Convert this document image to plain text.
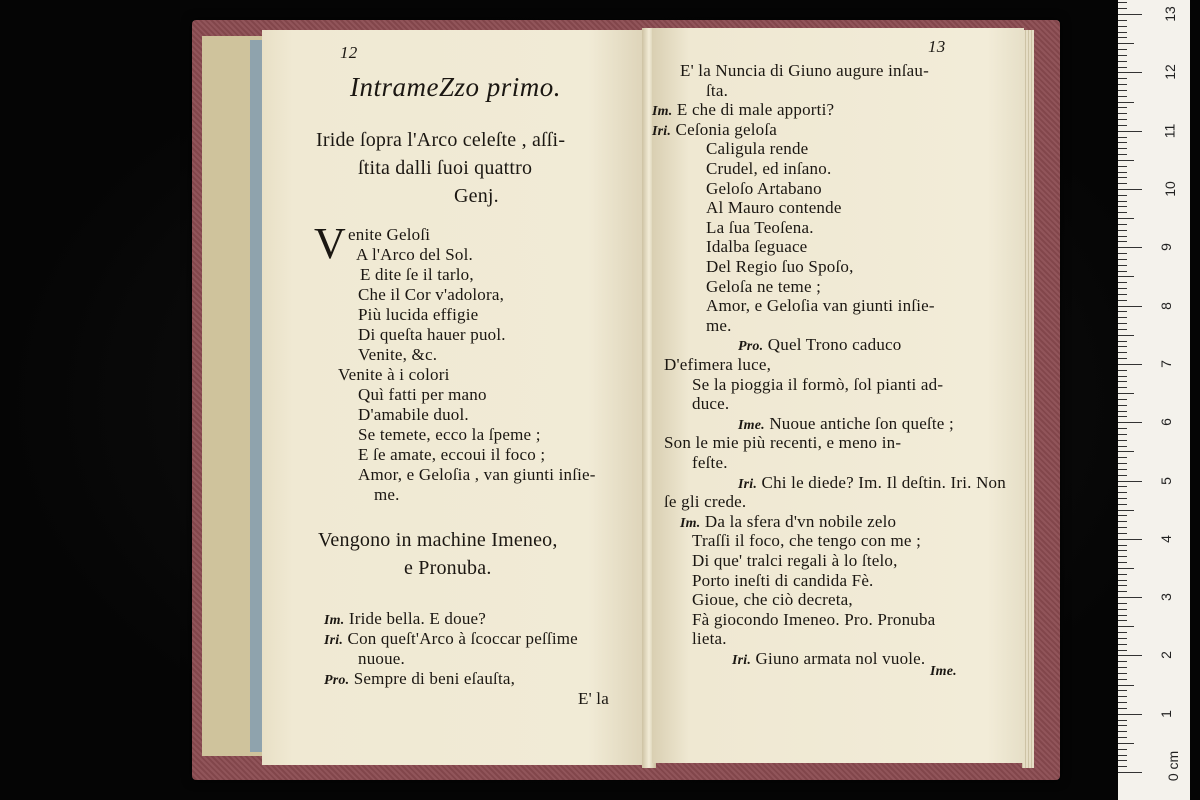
12
IntrameZzo primo.
Iride ſopra l'Arco celeſte , aſſi-
ſtita dalli ſuoi quattro
Genj.
V enite Geloſi
A l'Arco del Sol.
E dite ſe il tarlo,
Che il Cor v'adolora,
Più lucida effigie
Di queſta hauer puol.
Venite, &c.
Venite à i colori
Quì fatti per mano
D'amabile duol.
Se temete, ecco la ſpeme ;
E ſe amate, eccoui il foco ;
Amor, e Geloſia , van giunti inſie-
me.
Vengono in machine Imeneo,
e Pronuba.
Im. Iride bella. E doue?
Iri. Con queſt'Arco à ſcoccar peſſime
nuoue.
Pro. Sempre di beni eſauſta,
E' la
13
E' la Nuncia di Giuno augure inſau-
ſta.
Im. E che di male apporti?
Iri. Ceſonia geloſa
Caligula rende
Crudel, ed inſano.
Geloſo Artabano
Al Mauro contende
La ſua Teoſena.
Idalba ſeguace
Del Regio ſuo Spoſo,
Geloſa ne teme ;
Amor, e Geloſia van giunti inſie-
me.
Pro. Quel Trono caduco
D'efimera luce,
Se la pioggia il formò, ſol pianti ad-
duce.
Ime. Nuoue antiche ſon queſte ;
Son le mie più recenti, e meno in-
feſte.
Iri. Chi le diede? Im. Il deſtin. Iri. Non
ſe gli crede.
Im. Da la sfera d'vn nobile zelo
Traſſi il foco, che tengo con me ;
Di que' tralci regali à lo ſtelo,
Porto ineſti di candida Fè.
Gioue, che ciò decreta,
Fà giocondo Imeneo. Pro. Pronuba
lieta.
Iri. Giuno armata nol vuole.
Ime.
1
2
3
4
5
6
7
8
9
10
11
12
13
0 cm
